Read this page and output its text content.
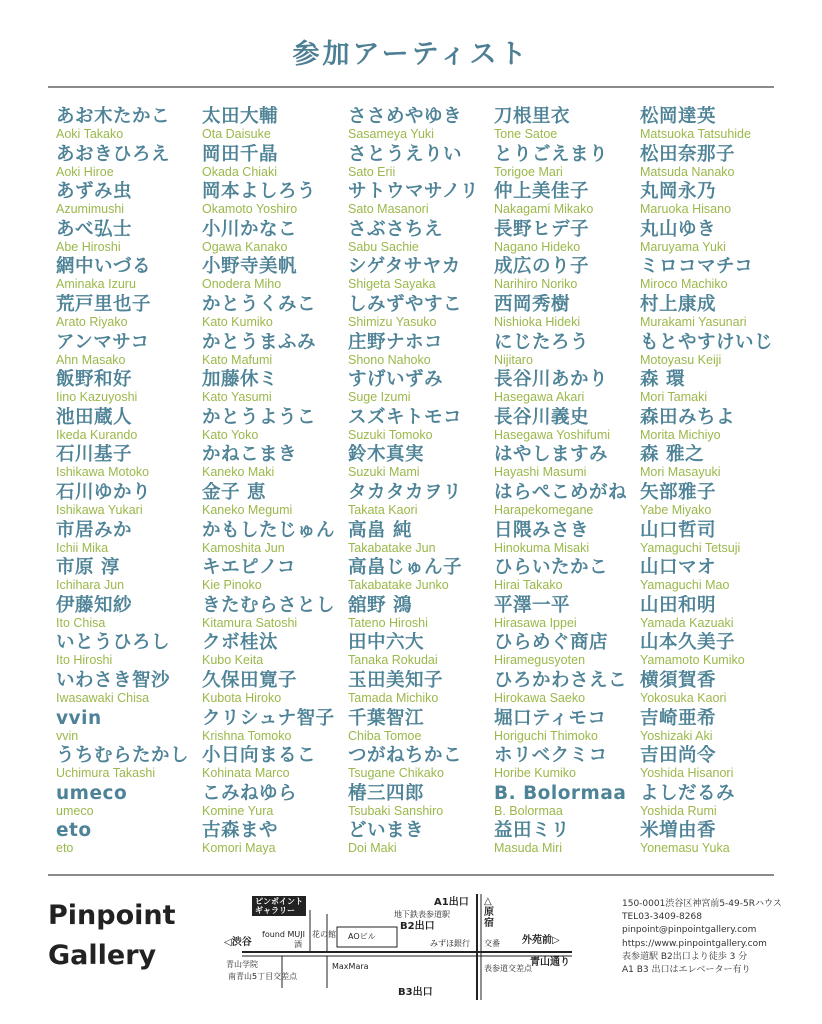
参加アーティスト
あお木たかこ
Aoki Takako
あおきひろえ
Aoki Hiroe
あずみ虫
Azumimushi
あべ弘士
Abe Hiroshi
網中いづる
Aminaka Izuru
荒戸里也子
Arato Riyako
アンマサコ
Ahn Masako
飯野和好
Iino Kazuyoshi
池田蔵人
Ikeda Kurando
石川基子
Ishikawa Motoko
石川ゆかり
Ishikawa Yukari
市居みか
Ichii Mika
市原 淳
Ichihara Jun
伊藤知紗
Ito Chisa
いとうひろし
Ito Hiroshi
いわさき智沙
Iwasawaki Chisa
vvin
vvin
うちむらたかし
Uchimura Takashi
umeco
umeco
eto
eto
太田大輔
Ota Daisuke
岡田千晶
Okada Chiaki
岡本よしろう
Okamoto Yoshiro
小川かなこ
Ogawa Kanako
小野寺美帆
Onodera Miho
かとうくみこ
Kato Kumiko
かとうまふみ
Kato Mafumi
加藤休ミ
Kato Yasumi
かとうようこ
Kato Yoko
かねこまき
Kaneko Maki
金子 恵
Kaneko Megumi
かもしたじゅん
Kamoshita Jun
キエピノコ
Kie Pinoko
きたむらさとし
Kitamura Satoshi
クボ桂汰
Kubo Keita
久保田寛子
Kubota Hiroko
クリシュナ智子
Krishna Tomoko
小日向まるこ
Kohinata Marco
こみねゆら
Komine Yura
古森まや
Komori Maya
ささめやゆき
Sasameya Yuki
さとうえりい
Sato Erii
サトウマサノリ
Sato Masanori
さぶさちえ
Sabu Sachie
シゲタサヤカ
Shigeta Sayaka
しみずやすこ
Shimizu Yasuko
庄野ナホコ
Shono Nahoko
すげいずみ
Suge Izumi
スズキトモコ
Suzuki Tomoko
鈴木真実
Suzuki Mami
タカタカヲリ
Takata Kaori
高畠 純
Takabatake Jun
高畠じゅん子
Takabatake Junko
舘野 鴻
Tateno Hiroshi
田中六大
Tanaka Rokudai
玉田美知子
Tamada Michiko
千葉智江
Chiba Tomoe
つがねちかこ
Tsugane Chikako
椿三四郎
Tsubaki Sanshiro
どいまき
Doi Maki
刀根里衣
Tone Satoe
とりごえまり
Torigoe Mari
仲上美佳子
Nakagami Mikako
長野ヒデ子
Nagano Hideko
成広のり子
Narihiro Noriko
西岡秀樹
Nishioka Hideki
にじたろう
Nijitaro
長谷川あかり
Hasegawa Akari
長谷川義史
Hasegawa Yoshifumi
はやしますみ
Hayashi Masumi
はらぺこめがね
Harapekomegane
日隈みさき
Hinokuma Misaki
ひらいたかこ
Hirai Takako
平澤一平
Hirasawa Ippei
ひらめぐ商店
Hiramegusyoten
ひろかわさえこ
Hirokawa Saeko
堀口ティモコ
Horiguchi Thimoko
ホリベクミコ
Horibe Kumiko
B. Bolormaa
B. Bolormaa
益田ミリ
Masuda Miri
松岡達英
Matsuoka Tatsuhide
松田奈那子
Matsuda Nanako
丸岡永乃
Maruoka Hisano
丸山ゆき
Maruyama Yuki
ミロコマチコ
Miroco Machiko
村上康成
Murakami Yasunari
もとやすけいじ
Motoyasu Keiji
森 環
Mori Tamaki
森田みちよ
Morita Michiyo
森 雅之
Mori Masayuki
矢部雅子
Yabe Miyako
山口哲司
Yamaguchi Tetsuji
山口マオ
Yamaguchi Mao
山田和明
Yamada Kazuaki
山本久美子
Yamamoto Kumiko
横須賀香
Yokosuka Kaori
吉崎亜希
Yoshizaki Aki
吉田尚令
Yoshida Hisanori
よしだるみ
Yoshida Rumi
米増由香
Yonemasu Yuka
Pinpoint
Gallery
ピンポイント
ギャラリー
A1出口
地下鉄表参道駅
B2出口
△原宿
◁渋谷
found MUJI 花の館
酒
AOビル
みずほ銀行 交番 外苑前▷
青山学院
南青山5丁目交差点
MaxMara
B3出口
表参道交差点
青山通り
150-0001渋谷区神宮前5-49-5Rハウス
TEL03-3409-8268
pinpoint@pinpointgallery.com
https://www.pinpointgallery.com
表参道駅 B2出口より徒歩 3 分
A1 B3 出口はエレベーター有り
